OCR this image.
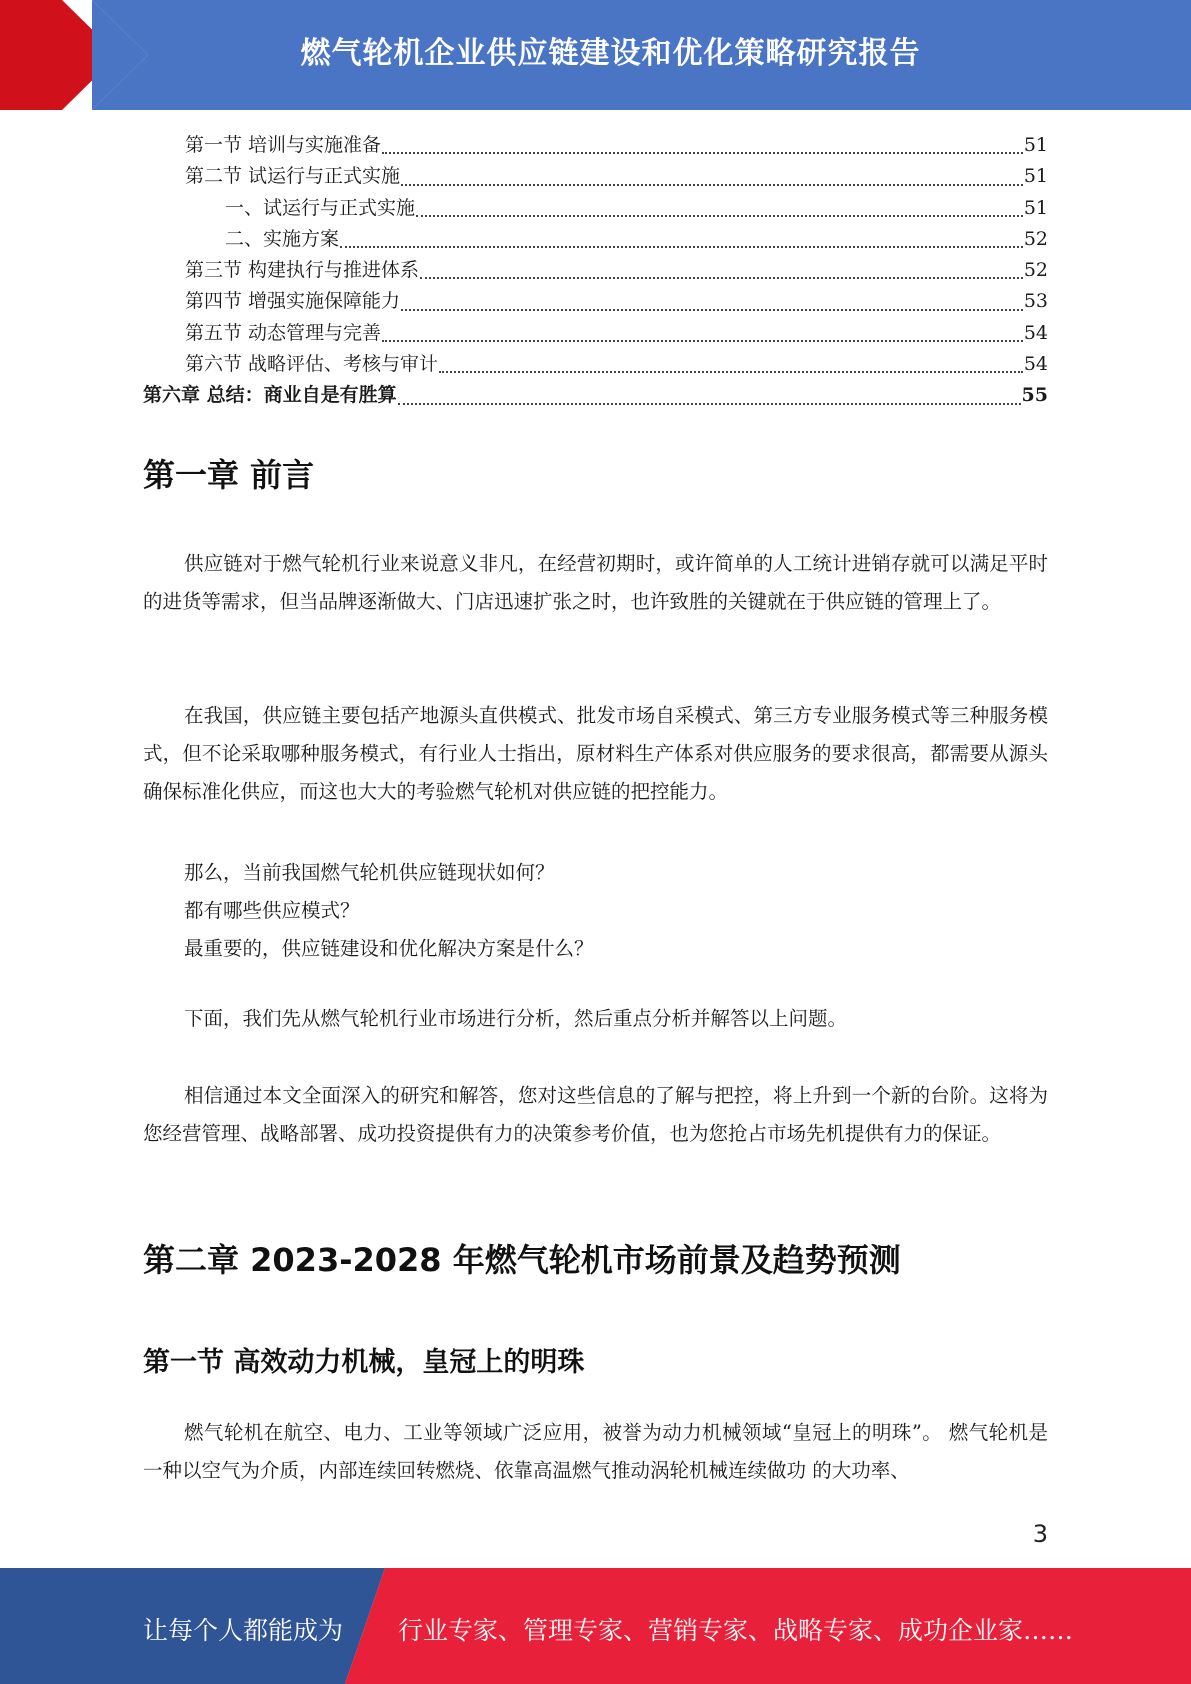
燃气轮机企业供应链建设和优化策略研究报告
第一节 培训与实施准备	51
第二节 试运行与正式实施	51
一、试运行与正式实施	51
二、实施方案	52
第三节 构建执行与推进体系	52
第四节 增强实施保障能力	53
第五节 动态管理与完善	54
第六节 战略评估、考核与审计	54
第六章 总结：商业自是有胜算	55
第一章 前言

供应链对于燃气轮机行业来说意义非凡，在经营初期时，或许简单的人工统计进销存就可以满足平时的进货等需求，但当品牌逐渐做大、门店迅速扩张之时，也许致胜的关键就在于供应链的管理上了。

在我国，供应链主要包括产地源头直供模式、批发市场自采模式、第三方专业服务模式等三种服务模式，但不论采取哪种服务模式，有行业人士指出，原材料生产体系对供应服务的要求很高，都需要从源头确保标准化供应，而这也大大的考验燃气轮机对供应链的把控能力。

那么，当前我国燃气轮机供应链现状如何？

都有哪些供应模式？

最重要的，供应链建设和优化解决方案是什么？

下面，我们先从燃气轮机行业市场进行分析，然后重点分析并解答以上问题。

相信通过本文全面深入的研究和解答，您对这些信息的了解与把控，将上升到一个新的台阶。这将为您经营管理、战略部署、成功投资提供有力的决策参考价值，也为您抢占市场先机提供有力的保证。

第二章 2023-2028 年燃气轮机市场前景及趋势预测
第一节 高效动力机械，皇冠上的明珠

燃气轮机在航空、电力、工业等领域广泛应用，被誉为动力机械领域“皇冠上的明珠”。 燃气轮机是一种以空气为介质，内部连续回转燃烧、依靠高温燃气推动涡轮机械连续做功 的大功率、

3
让每个人都能成为 行业专家、管理专家、营销专家、战略专家、成功企业家……
